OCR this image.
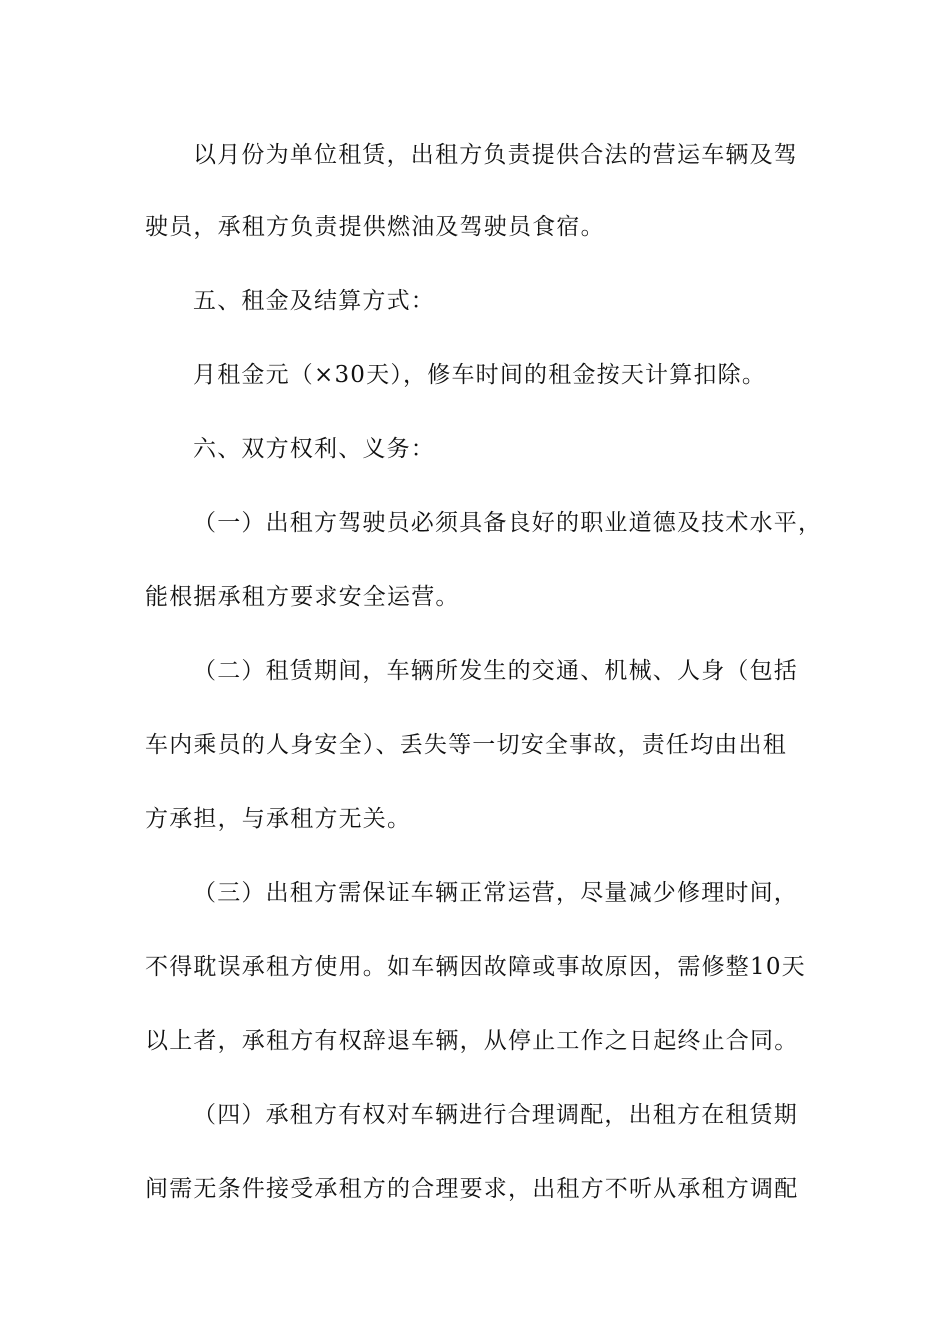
以月份为单位租赁，出租方负责提供合法的营运车辆及驾
驶员，承租方负责提供燃油及驾驶员食宿。
五、租金及结算方式：
月租金元（×30天），修车时间的租金按天计算扣除。
六、双方权利、义务：
（一）出租方驾驶员必须具备良好的职业道德及技术水平，
能根据承租方要求安全运营。
（二）租赁期间，车辆所发生的交通、机械、人身（包括
车内乘员的人身安全）、丢失等一切安全事故，责任均由出租
方承担，与承租方无关。
（三）出租方需保证车辆正常运营，尽量减少修理时间，
不得耽误承租方使用。如车辆因故障或事故原因，需修整10天
以上者，承租方有权辞退车辆，从停止工作之日起终止合同。
（四）承租方有权对车辆进行合理调配，出租方在租赁期
间需无条件接受承租方的合理要求，出租方不听从承租方调配
